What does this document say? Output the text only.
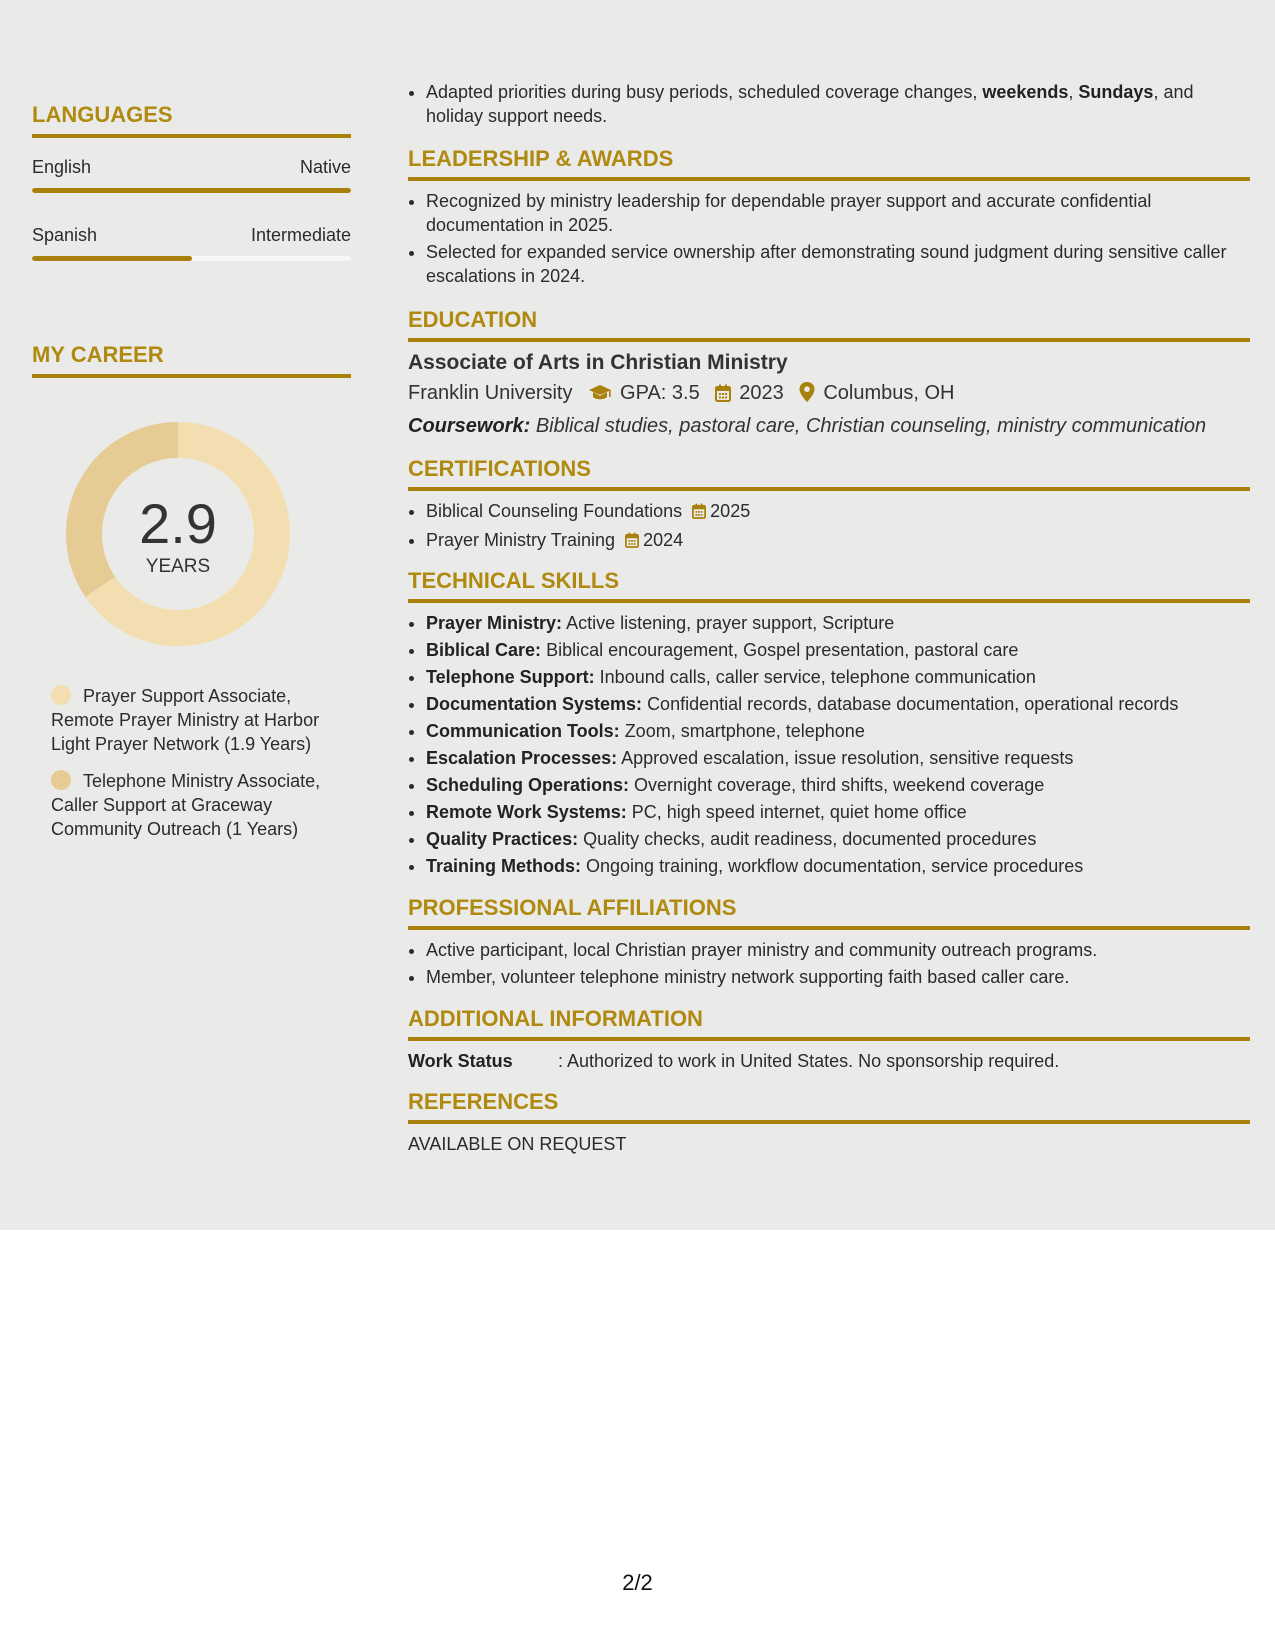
LANGUAGES
English	Native
Spanish	Intermediate
MY CAREER
2.9
YEARS
Prayer Support Associate, Remote Prayer Ministry at Harbor Light Prayer Network (1.9 Years)
Telephone Ministry Associate, Caller Support at Graceway Community Outreach (1 Years)
• Adapted priorities during busy periods, scheduled coverage changes, weekends, Sundays, and holiday support needs.
LEADERSHIP & AWARDS
• Recognized by ministry leadership for dependable prayer support and accurate confidential documentation in 2025.
• Selected for expanded service ownership after demonstrating sound judgment during sensitive caller escalations in 2024.
EDUCATION
Associate of Arts in Christian Ministry
Franklin University GPA: 3.5 2023 Columbus, OH
Coursework: Biblical studies, pastoral care, Christian counseling, ministry communication
CERTIFICATIONS
• Biblical Counseling Foundations 2025
• Prayer Ministry Training 2024
TECHNICAL SKILLS
• Prayer Ministry: Active listening, prayer support, Scripture
• Biblical Care: Biblical encouragement, Gospel presentation, pastoral care
• Telephone Support: Inbound calls, caller service, telephone communication
• Documentation Systems: Confidential records, database documentation, operational records
• Communication Tools: Zoom, smartphone, telephone
• Escalation Processes: Approved escalation, issue resolution, sensitive requests
• Scheduling Operations: Overnight coverage, third shifts, weekend coverage
• Remote Work Systems: PC, high speed internet, quiet home office
• Quality Practices: Quality checks, audit readiness, documented procedures
• Training Methods: Ongoing training, workflow documentation, service procedures
PROFESSIONAL AFFILIATIONS
• Active participant, local Christian prayer ministry and community outreach programs.
• Member, volunteer telephone ministry network supporting faith based caller care.
ADDITIONAL INFORMATION
Work Status	: Authorized to work in United States. No sponsorship required.
REFERENCES
AVAILABLE ON REQUEST
2/2
